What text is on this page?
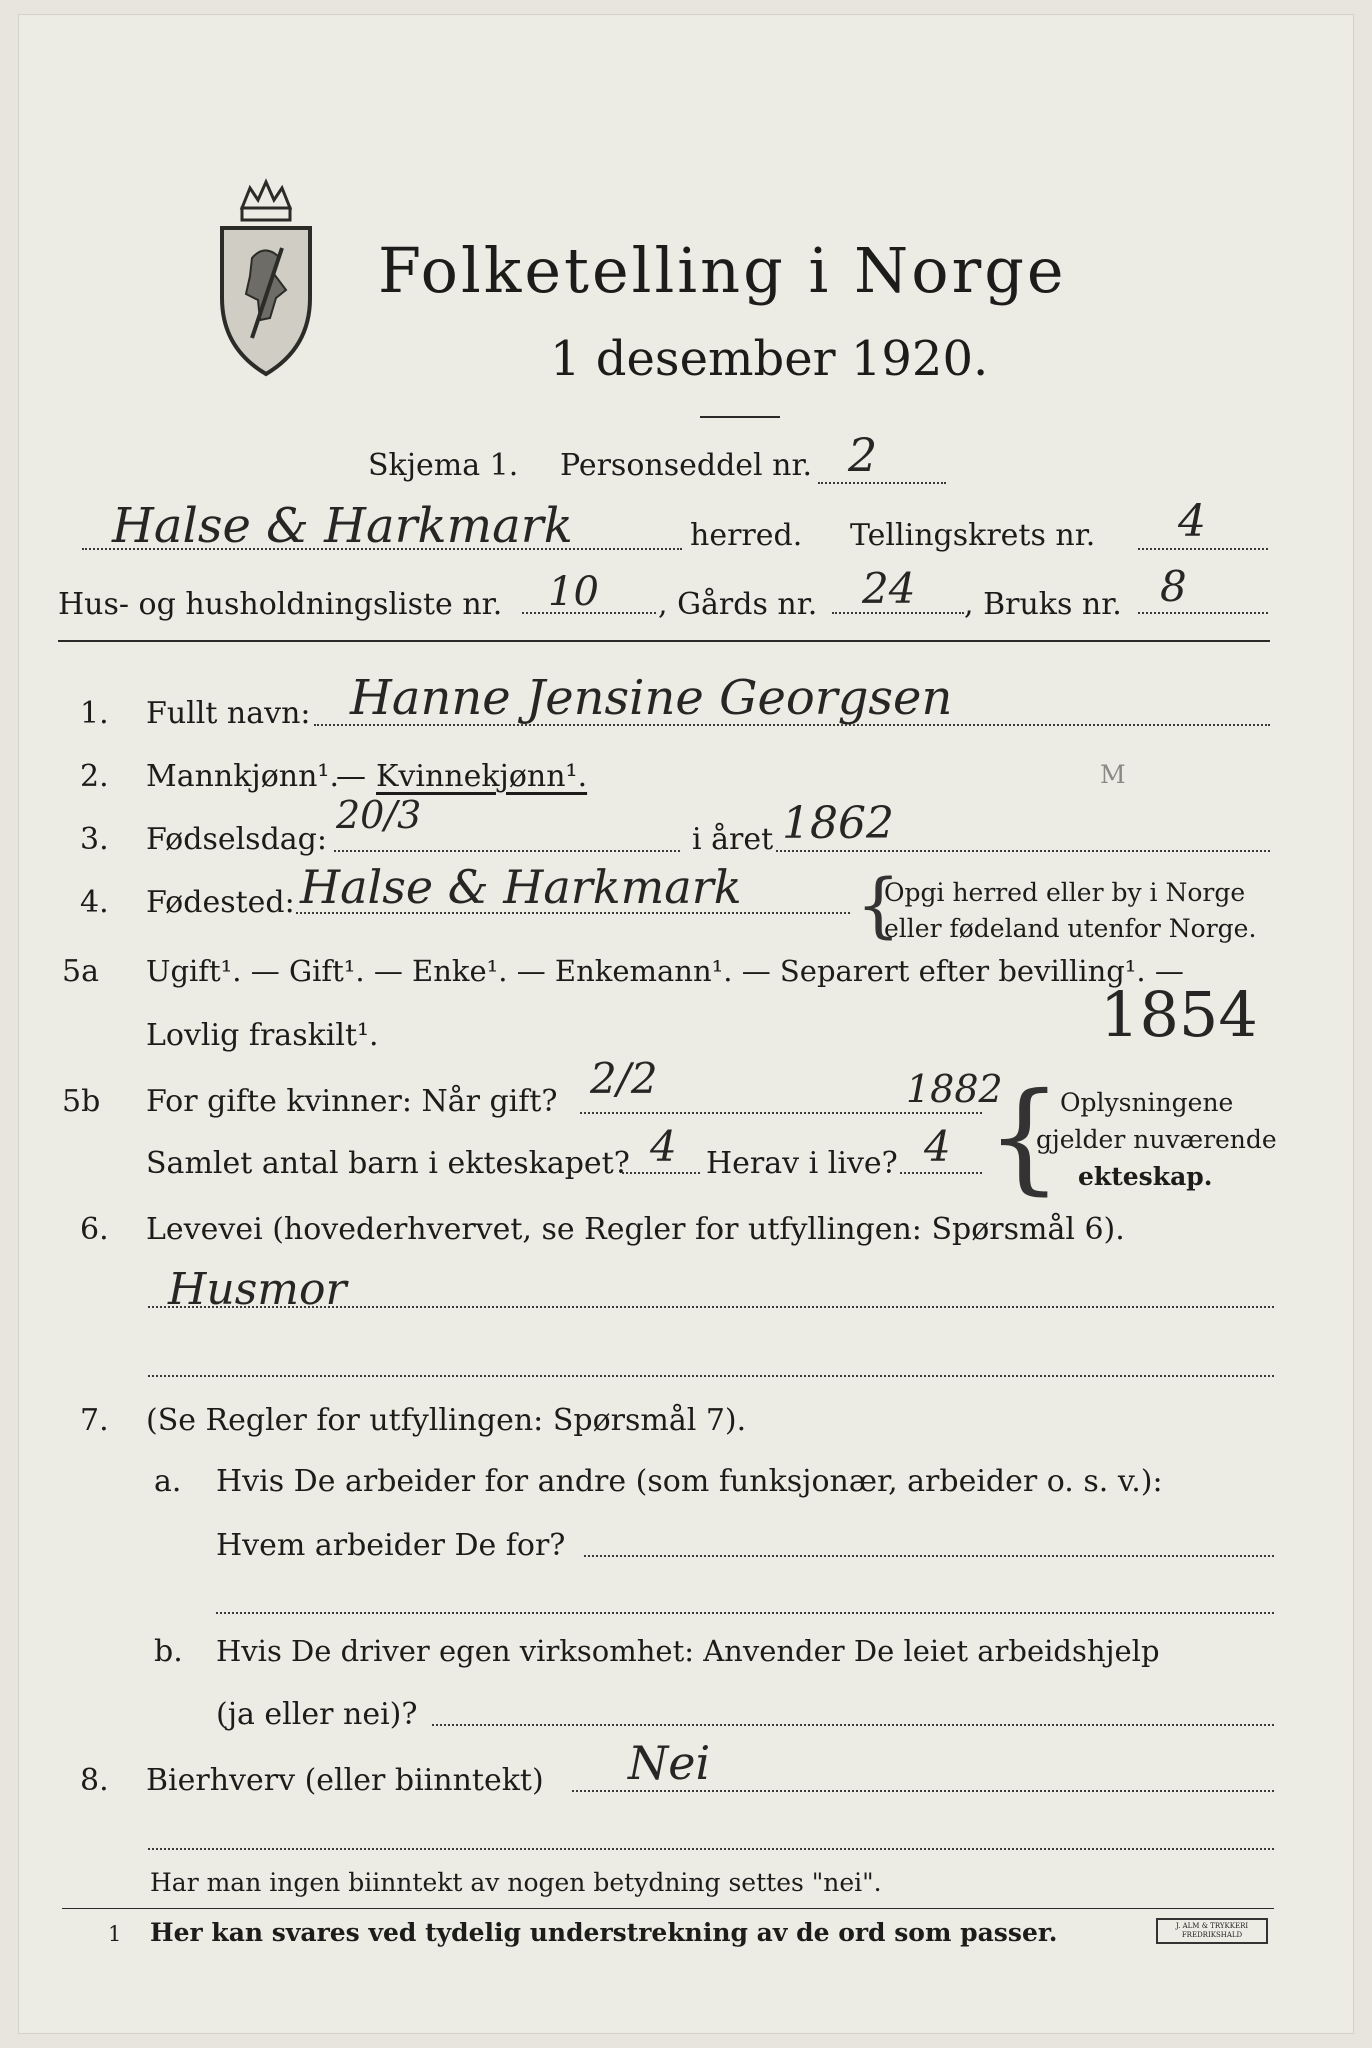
Folketelling i Norge
1 desember 1920.
Skjema 1. Personseddel nr. 2
Halse & Harkmark	herred. Tellingskrets nr. 4
Hus- og husholdningsliste nr. 10 , Gårds nr. 24 , Bruks nr. 8
1. Fullt navn: Hanne Jensine Georgsen
2. Mannkjønn¹.
— Kvinnekjønn¹.	M
3. Fødselsdag:
20/3
i året 1862
4. Fødested: Halse & Harkmark {
Opgi herred eller by i Norge
eller fødeland utenfor Norge.
5a Ugift¹. — Gift¹. — Enke¹. — Enkemann¹. — Separert efter bevilling¹. —
Lovlig fraskilt¹.	1854
5b For gifte kvinner: Når gift? 2/2	1882
Samlet antal barn i ekteskapet? 4 Herav i live? 4 {
Oplysningene
gjelder nuværende
ekteskap.
6. Levevei (hovederhvervet, se Regler for utfyllingen: Spørsmål 6).
Husmor
7. (Se Regler for utfyllingen: Spørsmål 7).
a. Hvis De arbeider for andre (som funksjonær, arbeider o. s. v.):
Hvem arbeider De for?
b. Hvis De driver egen virksomhet: Anvender De leiet arbeidshjelp
(ja eller nei)?
8. Bierhverv (eller biinntekt) Nei
Har man ingen biinntekt av nogen betydning settes "nei".
1 Her kan svares ved tydelig understrekning av de ord som passer.	J. ALM & TRYKKERI FREDRIKSHALD
